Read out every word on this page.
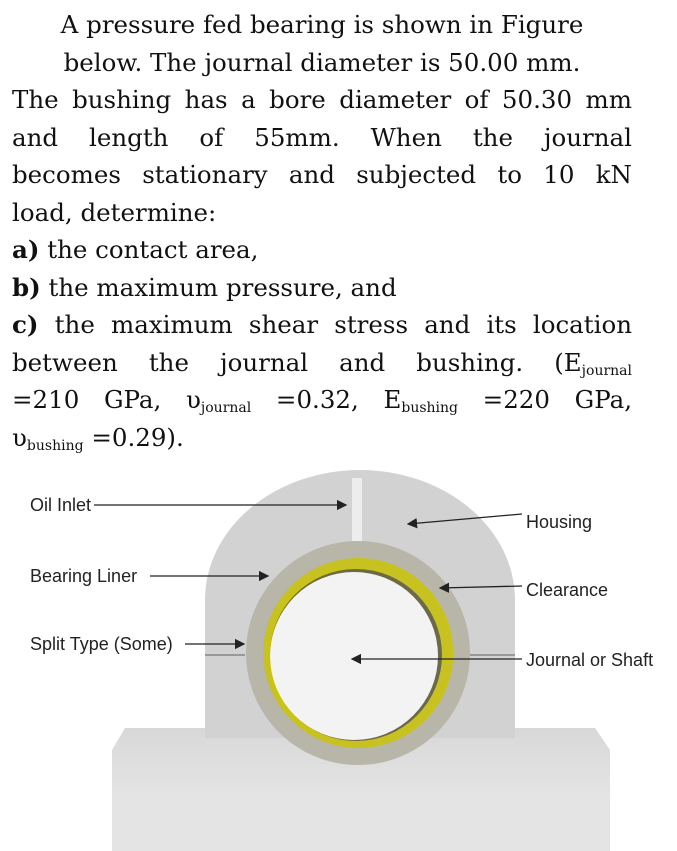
A pressure fed bearing is shown in Figure
below. The journal diameter is 50.00 mm.
The bushing has a bore diameter of 50.30 mm
and length of 55mm. When the journal
becomes stationary and subjected to 10 kN
load, determine:
a) the contact area,
b) the maximum pressure, and
c) the maximum shear stress and its location
between the journal and bushing. ($E_{journal}$
=210 GPa, $\upsilon_{journal} =0.32$, $E_{bushing} =220$ GPa,
$\upsilon_{bushing} =0.29$).
Oil Inlet
Bearing Liner
Split Type (Some)
Housing
Clearance
Journal or Shaft
